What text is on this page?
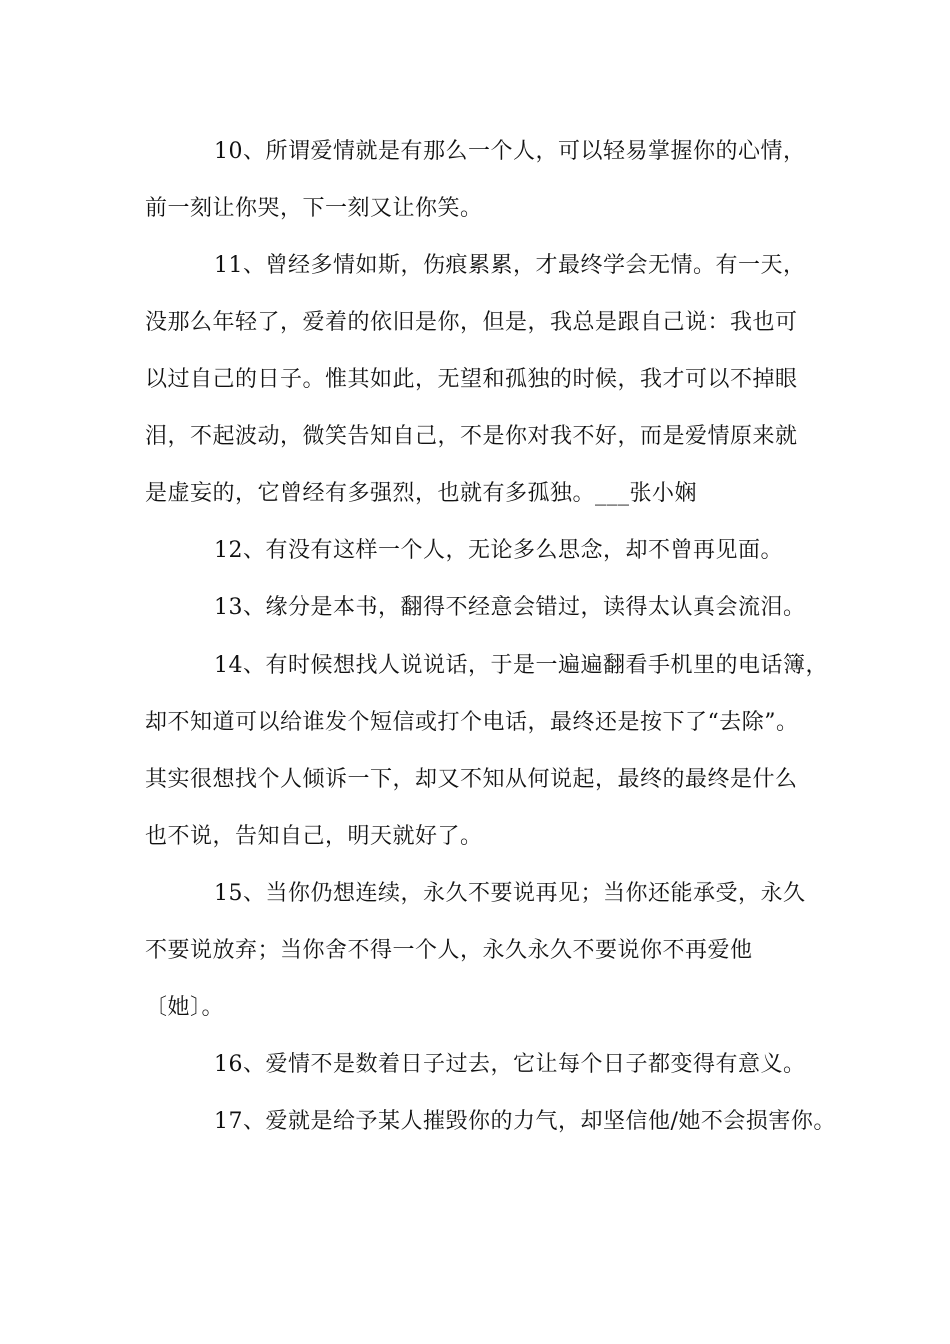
10、所谓爱情就是有那么一个人，可以轻易掌握你的心情，
前一刻让你哭，下一刻又让你笑。
11、曾经多情如斯，伤痕累累，才最终学会无情。有一天，
没那么年轻了，爱着的依旧是你，但是，我总是跟自己说：我也可
以过自己的日子。惟其如此，无望和孤独的时候，我才可以不掉眼
泪，不起波动，微笑告知自己，不是你对我不好，而是爱情原来就
是虚妄的，它曾经有多强烈，也就有多孤独。___张小娴
12、有没有这样一个人，无论多么思念，却不曾再见面。
13、缘分是本书，翻得不经意会错过，读得太认真会流泪。
14、有时候想找人说说话，于是一遍遍翻看手机里的电话簿，
却不知道可以给谁发个短信或打个电话，最终还是按下了“去除”。
其实很想找个人倾诉一下，却又不知从何说起，最终的最终是什么
也不说，告知自己，明天就好了。
15、当你仍想连续，永久不要说再见；当你还能承受，永久
不要说放弃；当你舍不得一个人，永久永久不要说你不再爱他
〔她〕。
16、爱情不是数着日子过去，它让每个日子都变得有意义。
17、爱就是给予某人摧毁你的力气，却坚信他/她不会损害你。
